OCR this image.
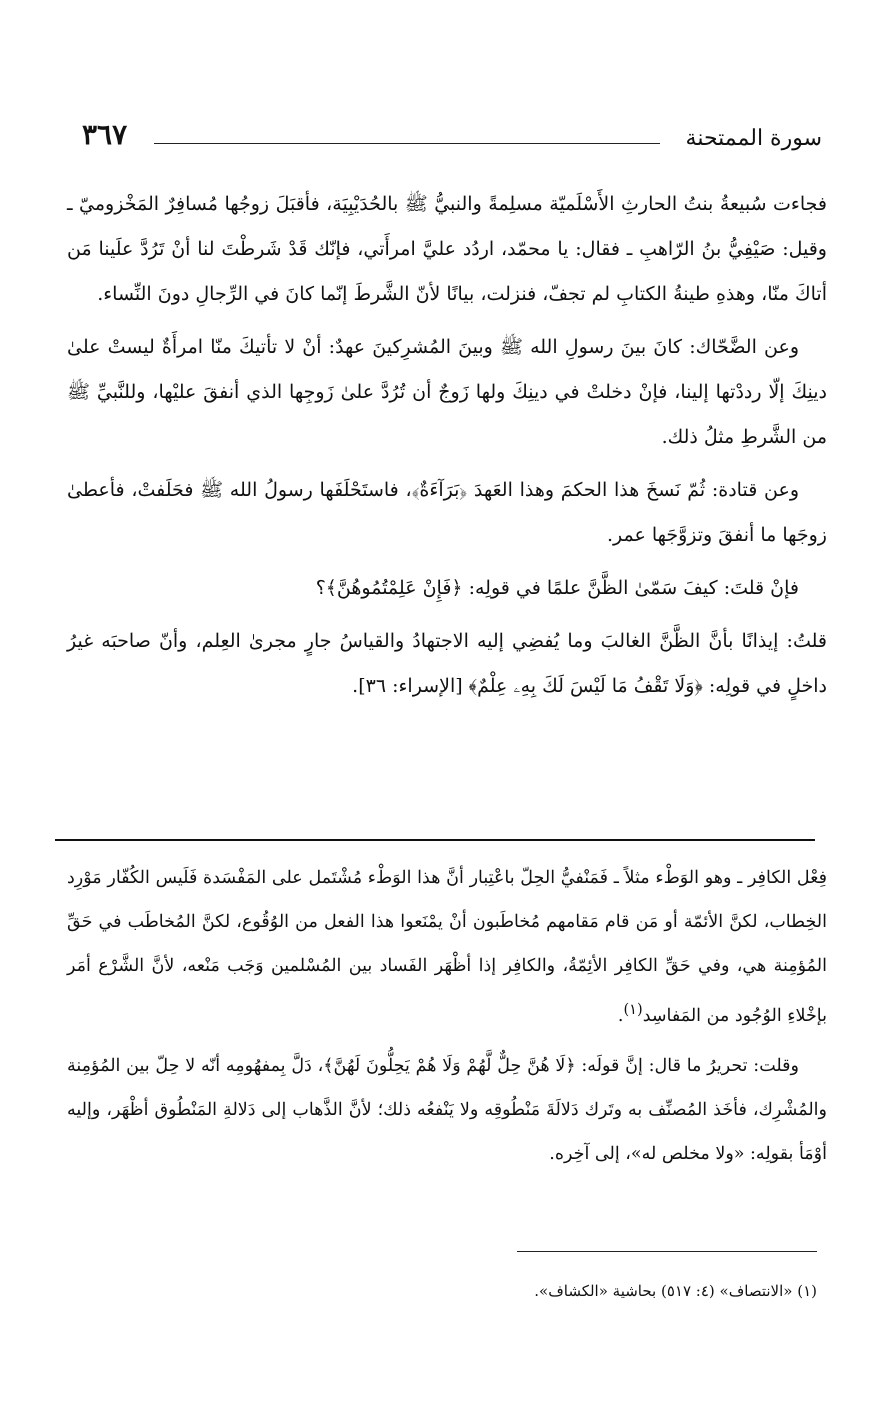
سورة الممتحنة
٣٦٧

فجاءت سُبيعةُ بنتُ الحارثِ الأَسْلَميّة مسلِمةً والنبيُّ ﷺ بالحُدَيْبِيَة، فأقبَلَ زوجُها مُسافِرٌ المَخْزوميّ ـ وقيل: صَيْفِيُّ بنُ الرّاهبِ ـ فقال: يا محمّد، اردُد عليَّ امرأَتي، فإنّك قَدْ شَرطْتَ لنا أنْ تَرُدَّ علَينا مَن أتاكَ منّا، وهذهِ طينةُ الكتابِ لم تجفّ، فنزلت، بيانًا لأنّ الشَّرطَ إنّما كانَ في الرِّجالِ دونَ النِّساء.

وعن الضَّحّاك: كانَ بينَ رسولِ الله ﷺ وبينَ المُشرِكينَ عهدٌ: أنْ لا تأتيكَ منّا امرأَةٌ ليستْ علىٰ دينِكَ إلّا رددْتها إلينا، فإنْ دخلتْ في دينِكَ ولها زَوجٌ أن تُرُدَّ علىٰ زَوجِها الذي أنفقَ عليْها، وللنَّبيِّ ﷺ من الشَّرطِ مثلُ ذلك.

وعن قتادة: ثُمّ نَسخَ هذا الحكمَ وهذا العَهدَ ﴿بَرَآءَةٌ﴾، فاستَحْلَفَها رسولُ الله ﷺ فحَلَفتْ، فأعطىٰ زوجَها ما أنفقَ وتزوَّجَها عمر.

فإنْ قلتَ: كيفَ سَمّىٰ الظَّنَّ علمًا في قولِه: ﴿فَإِنْ عَلِمْتُمُوهُنَّ﴾؟

قلتُ: إيذانًا بأنَّ الظَّنَّ الغالبَ وما يُفضِي إليه الاجتهادُ والقياسُ جارٍ مجرىٰ العِلم، وأنّ صاحبَه غيرُ داخلٍ في قولِه: ﴿وَلَا تَقْفُ مَا لَيْسَ لَكَ بِهِۦ عِلْمٌ﴾ [الإسراء: ٣٦].

فِعْل الكافِر ـ وهو الوَطْء مثلاً ـ فَمَنْفيُّ الحِلّ باعْتِبار أنَّ هذا الوَطْء مُشْتَمل على المَفْسَدة فَلَيس الكُفّار مَوْرِد الخِطاب، لكنَّ الأئمّة أو مَن قام مَقامهم مُخاطَبون أنْ يمْنَعوا هذا الفعل من الوُقُوع، لكنَّ المُخاطَب في حَقِّ المُؤمِنة هي، وفي حَقِّ الكافِر الأئِمّةُ، والكافِر إذا أظْهَر الفَساد بين المُسْلمين وَجَب مَنْعه، لأنَّ الشَّرْع أمَر بإخْلاءِ الوُجُود من المَفاسِد$^{(١)}$.

وقلت: تحريرُ ما قال: إنَّ قولَه: ﴿لَا هُنَّ حِلٌّ لَّهُمْ وَلَا هُمْ يَحِلُّونَ لَهُنَّ﴾، دَلَّ بِمفهُومِه أنّه لا حِلّ بين المُؤمِنة والمُشْرِك، فأخَذ المُصنِّف به وتَرك دَلالَةَ مَنْطُوقِه ولا يَنْفعُه ذلك؛ لأنَّ الذَّهاب إلى دَلالةِ المَنْطُوق أظْهَر، وإليه أوْمَأ بقولِه: «ولا مخلص له»، إلى آخِره.

(١) «الانتصاف» (٤: ٥١٧) بحاشية «الكشاف».
